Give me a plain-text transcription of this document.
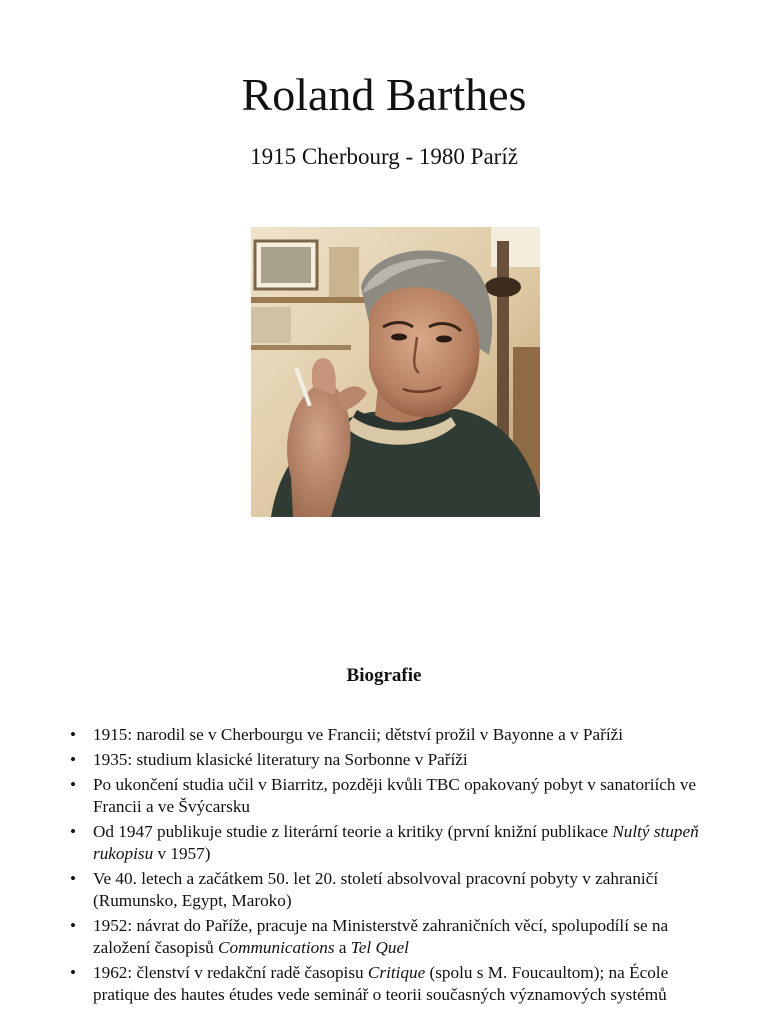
Roland Barthes

1915 Cherbourg - 1980 Paríž

Biografie
• 1915: narodil se v Cherbourgu ve Francii; dětství prožil v Bayonne a v Paříži
• 1935: studium klasické literatury na Sorbonne v Paříži
• Po ukončení studia učil v Biarritz, později kvůli TBC opakovaný pobyt v sanatoriích ve Francii a ve Švýcarsku
• Od 1947 publikuje studie z literární teorie a kritiky (první knižní publikace Nultý stupeň rukopisu v 1957)
• Ve 40. letech a začátkem 50. let 20. století absolvoval pracovní pobyty v zahraničí (Rumunsko, Egypt, Maroko)
• 1952: návrat do Paříže, pracuje na Ministerstvě zahraničních věcí, spolupodílí se na založení časopisů Communications a Tel Quel
• 1962: členství v redakční radě časopisu Critique (spolu s M. Foucaultom); na École pratique des hautes études vede seminář o teorii současných významových systémů
